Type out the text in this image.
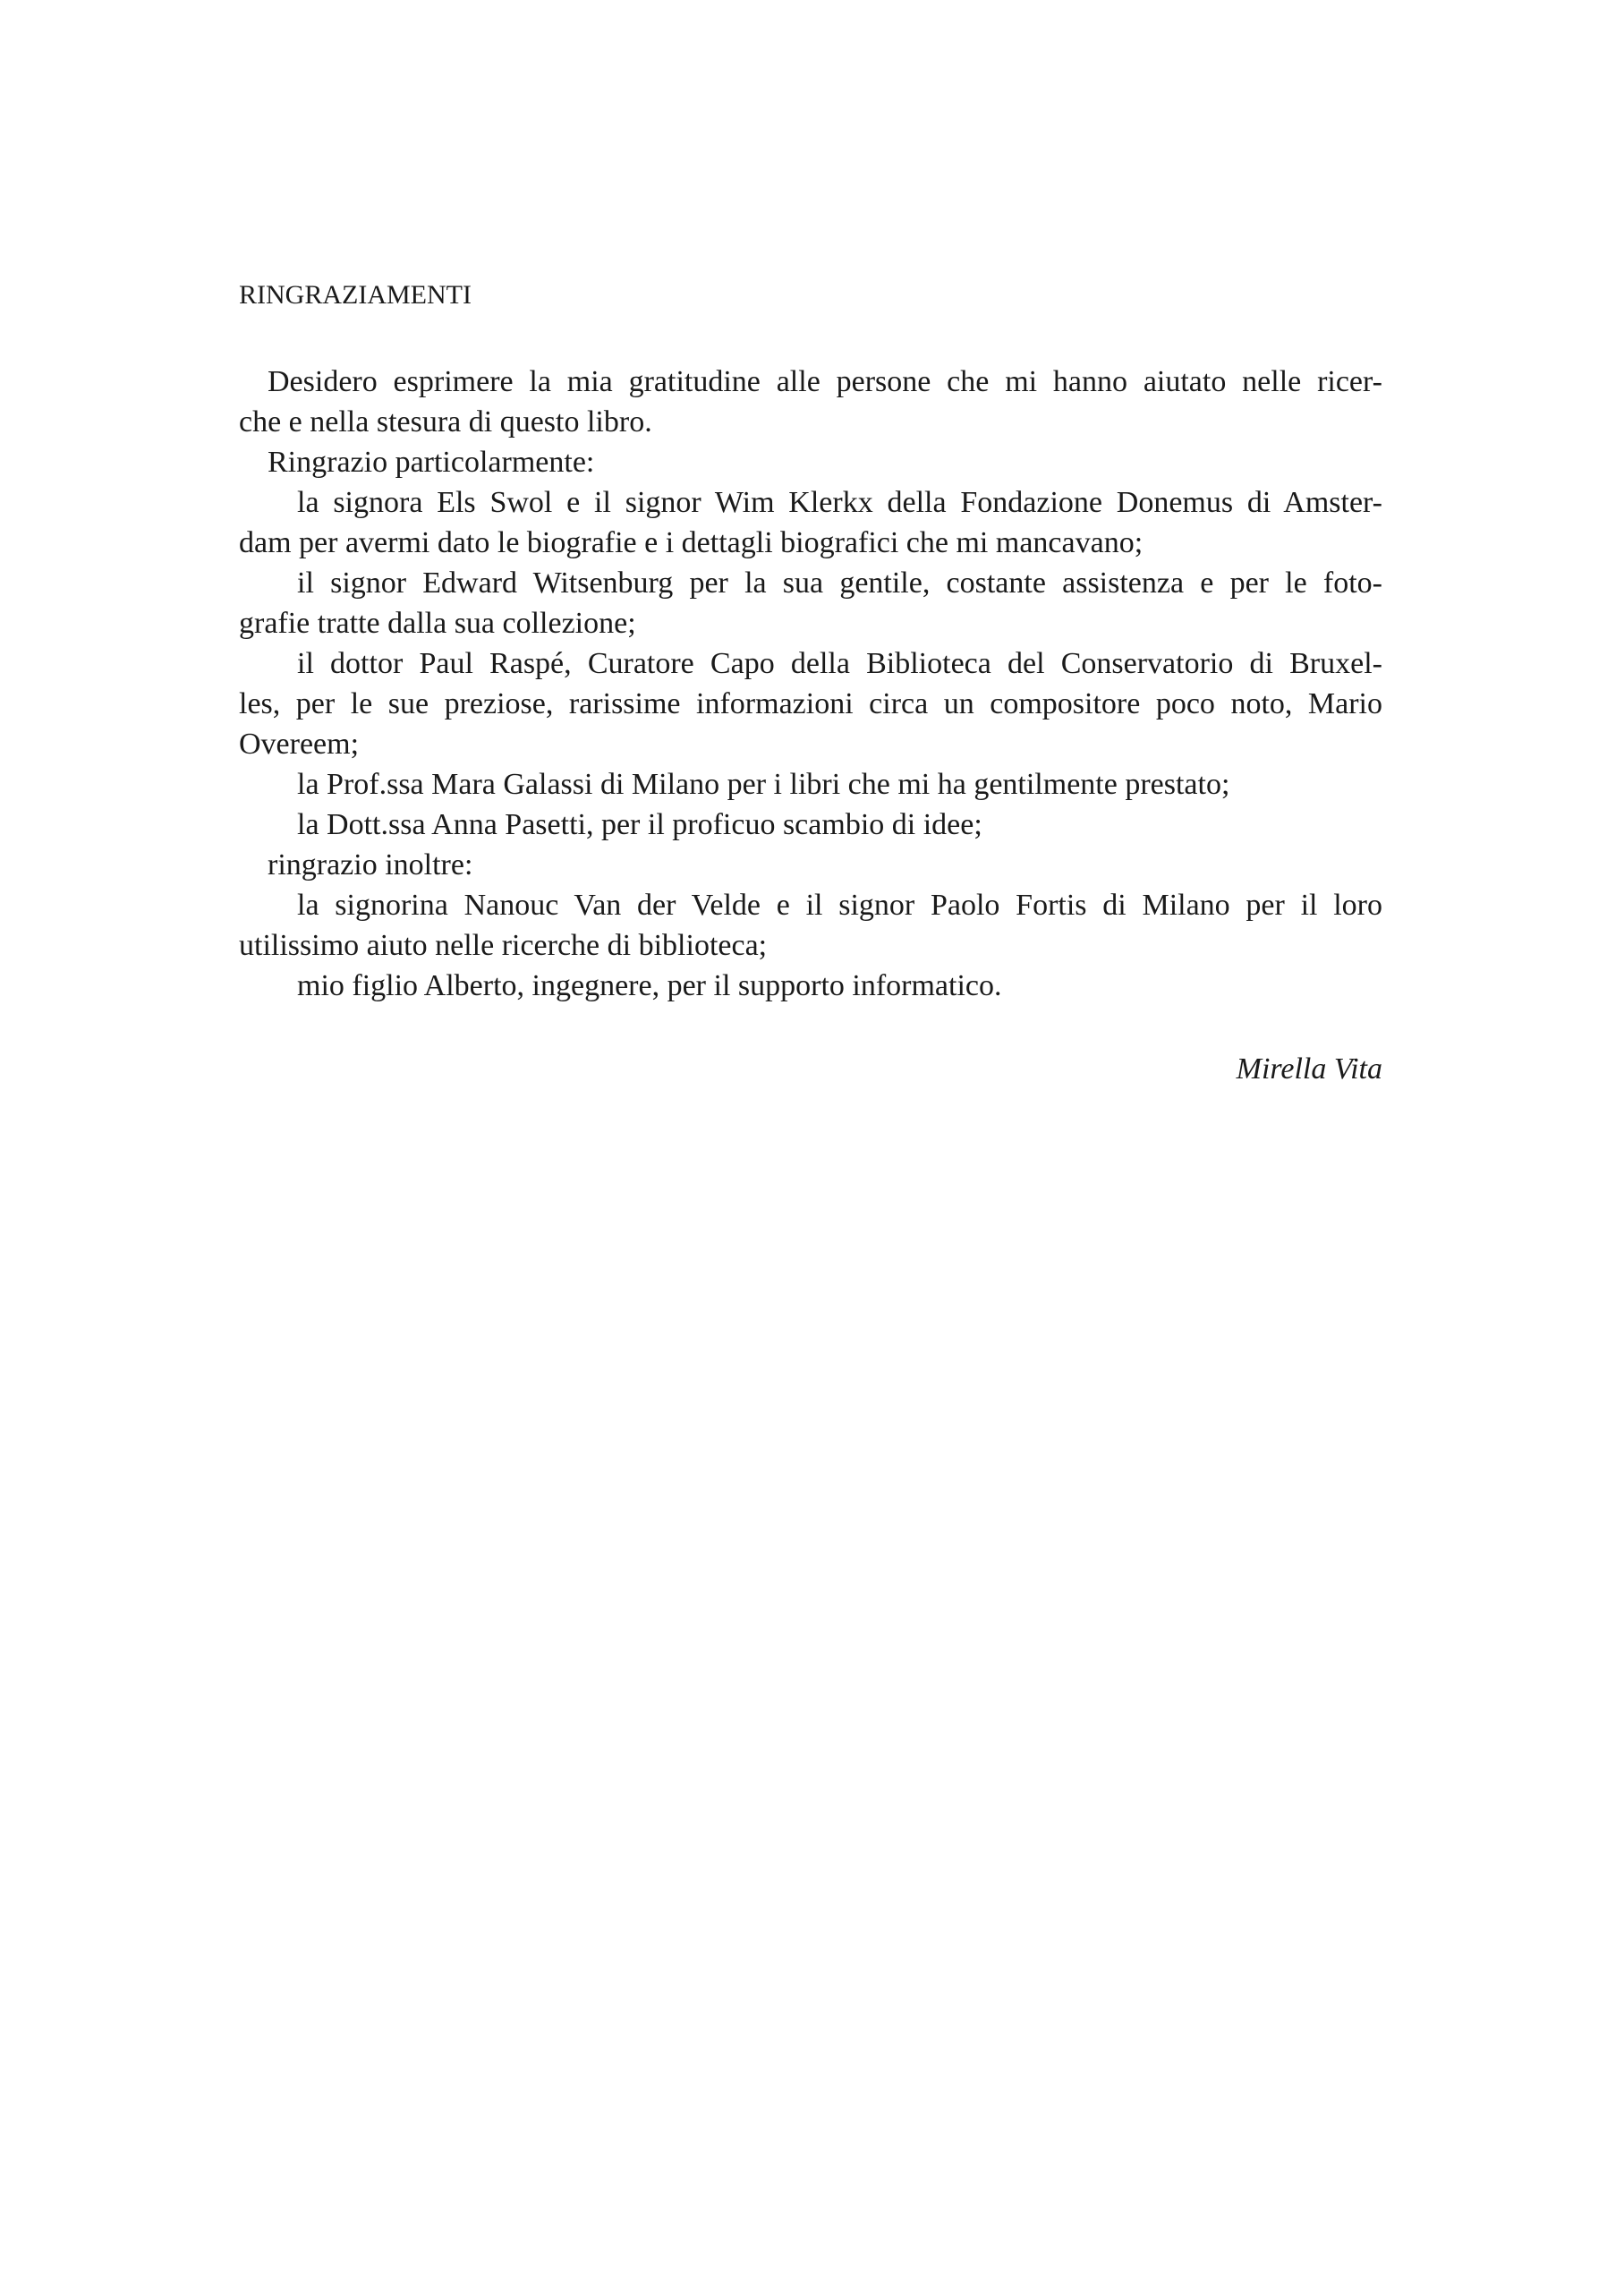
RINGRAZIAMENTI
Desidero esprimere la mia gratitudine alle persone che mi hanno aiutato nelle ricer-
che e nella stesura di questo libro.
Ringrazio particolarmente:
la signora Els Swol e il signor Wim Klerkx della Fondazione Donemus di Amster-
dam per avermi dato le biografie e i dettagli biografici che mi mancavano;
il signor Edward Witsenburg per la sua gentile, costante assistenza e per le foto-
grafie tratte dalla sua collezione;
il dottor Paul Raspé, Curatore Capo della Biblioteca del Conservatorio di Bruxel-
les, per le sue preziose, rarissime informazioni circa un compositore poco noto, Mario
Overeem;
la Prof.ssa Mara Galassi di Milano per i libri che mi ha gentilmente prestato;
la Dott.ssa Anna Pasetti, per il proficuo scambio di idee;
ringrazio inoltre:
la signorina Nanouc Van der Velde e il signor Paolo Fortis di Milano per il loro
utilissimo aiuto nelle ricerche di biblioteca;
mio figlio Alberto, ingegnere, per il supporto informatico.
Mirella Vita
